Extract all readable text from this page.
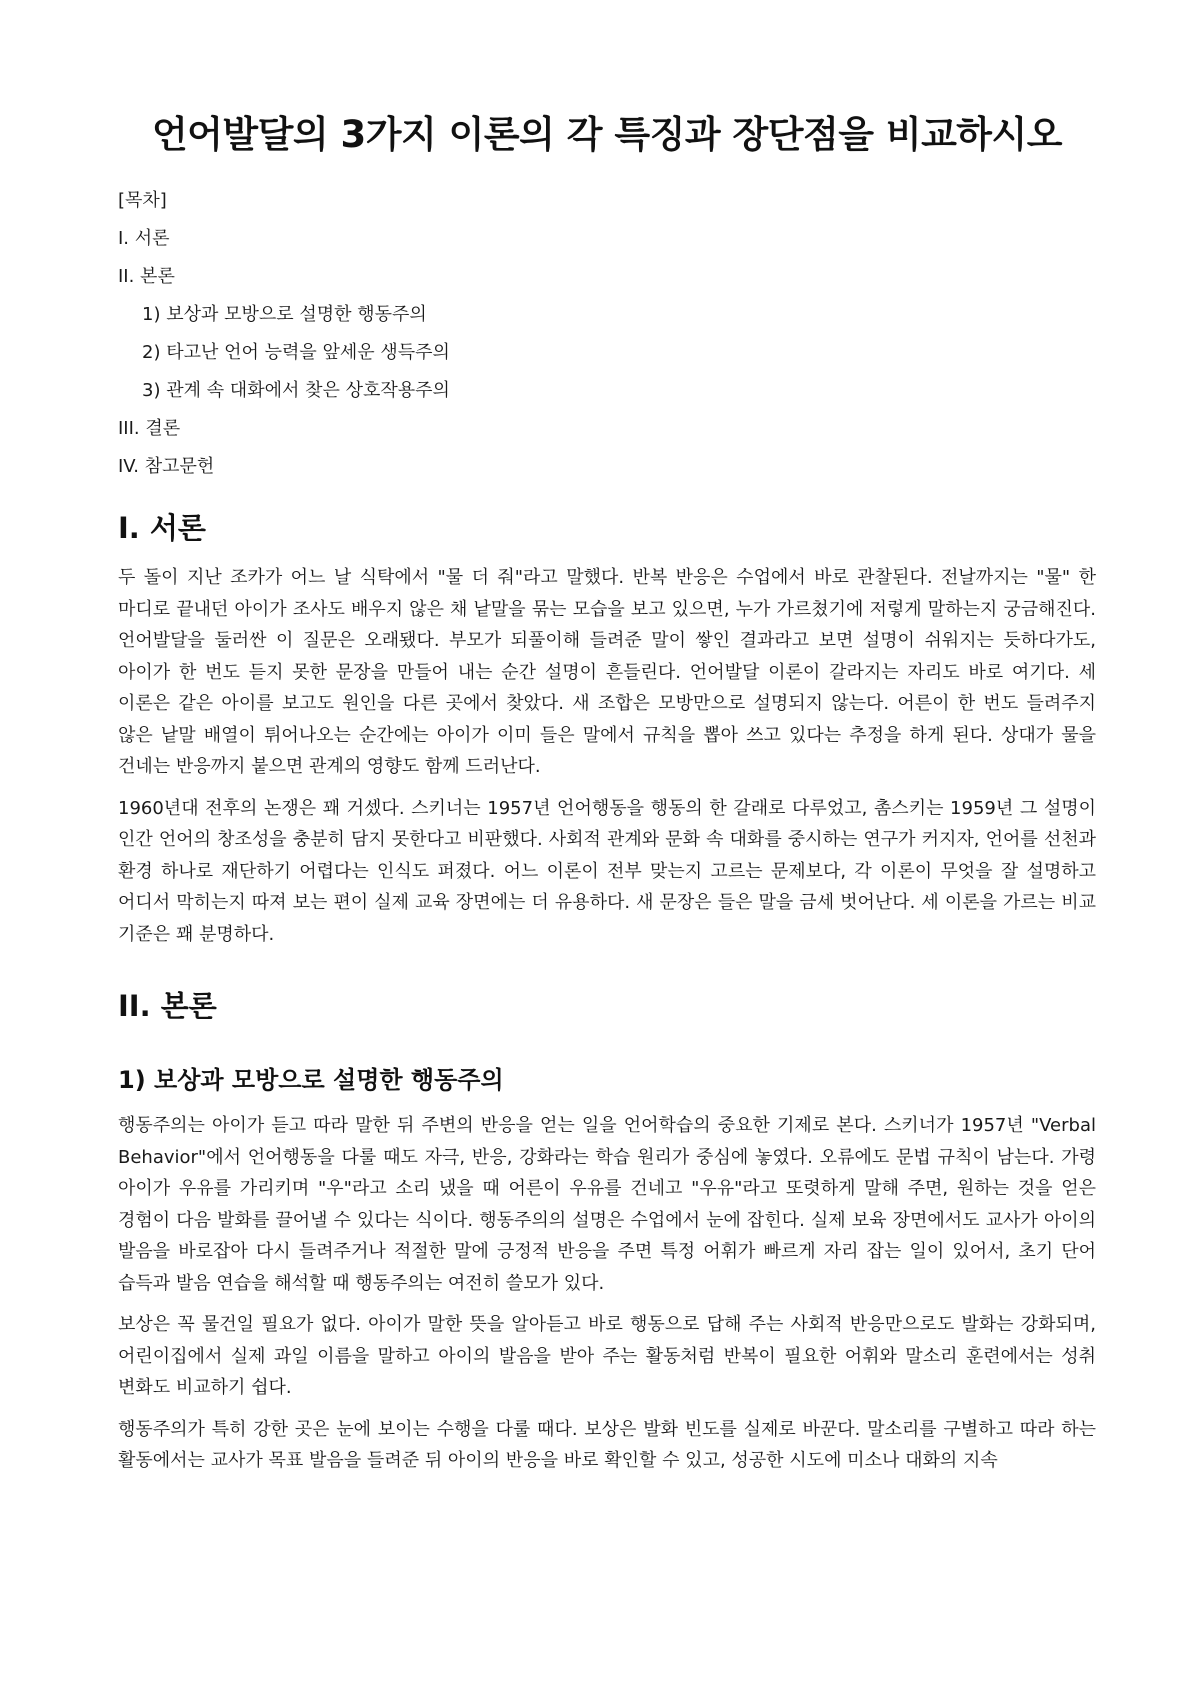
언어발달의 3가지 이론의 각 특징과 장단점을 비교하시오
[목차]
I. 서론
II. 본론
1) 보상과 모방으로 설명한 행동주의
2) 타고난 언어 능력을 앞세운 생득주의
3) 관계 속 대화에서 찾은 상호작용주의
III. 결론
IV. 참고문헌
I. 서론

두 돌이 지난 조카가 어느 날 식탁에서 "물 더 줘"라고 말했다. 반복 반응은 수업에서 바로 관찰된다. 전날까지는 "물" 한 마디로 끝내던 아이가 조사도 배우지 않은 채 낱말을 묶는 모습을 보고 있으면, 누가 가르쳤기에 저렇게 말하는지 궁금해진다. 언어발달을 둘러싼 이 질문은 오래됐다. 부모가 되풀이해 들려준 말이 쌓인 결과라고 보면 설명이 쉬워지는 듯하다가도, 아이가 한 번도 듣지 못한 문장을 만들어 내는 순간 설명이 흔들린다. 언어발달 이론이 갈라지는 자리도 바로 여기다. 세 이론은 같은 아이를 보고도 원인을 다른 곳에서 찾았다. 새 조합은 모방만으로 설명되지 않는다. 어른이 한 번도 들려주지 않은 낱말 배열이 튀어나오는 순간에는 아이가 이미 들은 말에서 규칙을 뽑아 쓰고 있다는 추정을 하게 된다. 상대가 물을 건네는 반응까지 붙으면 관계의 영향도 함께 드러난다.

1960년대 전후의 논쟁은 꽤 거셌다. 스키너는 1957년 언어행동을 행동의 한 갈래로 다루었고, 촘스키는 1959년 그 설명이 인간 언어의 창조성을 충분히 담지 못한다고 비판했다. 사회적 관계와 문화 속 대화를 중시하는 연구가 커지자, 언어를 선천과 환경 하나로 재단하기 어렵다는 인식도 퍼졌다. 어느 이론이 전부 맞는지 고르는 문제보다, 각 이론이 무엇을 잘 설명하고 어디서 막히는지 따져 보는 편이 실제 교육 장면에는 더 유용하다. 새 문장은 들은 말을 금세 벗어난다. 세 이론을 가르는 비교 기준은 꽤 분명하다.

II. 본론
1) 보상과 모방으로 설명한 행동주의

행동주의는 아이가 듣고 따라 말한 뒤 주변의 반응을 얻는 일을 언어학습의 중요한 기제로 본다. 스키너가 1957년 "Verbal Behavior"에서 언어행동을 다룰 때도 자극, 반응, 강화라는 학습 원리가 중심에 놓였다. 오류에도 문법 규칙이 남는다. 가령 아이가 우유를 가리키며 "우"라고 소리 냈을 때 어른이 우유를 건네고 "우유"라고 또렷하게 말해 주면, 원하는 것을 얻은 경험이 다음 발화를 끌어낼 수 있다는 식이다. 행동주의의 설명은 수업에서 눈에 잡힌다. 실제 보육 장면에서도 교사가 아이의 발음을 바로잡아 다시 들려주거나 적절한 말에 긍정적 반응을 주면 특정 어휘가 빠르게 자리 잡는 일이 있어서, 초기 단어 습득과 발음 연습을 해석할 때 행동주의는 여전히 쓸모가 있다.

보상은 꼭 물건일 필요가 없다. 아이가 말한 뜻을 알아듣고 바로 행동으로 답해 주는 사회적 반응만으로도 발화는 강화되며, 어린이집에서 실제 과일 이름을 말하고 아이의 발음을 받아 주는 활동처럼 반복이 필요한 어휘와 말소리 훈련에서는 성취 변화도 비교하기 쉽다.

행동주의가 특히 강한 곳은 눈에 보이는 수행을 다룰 때다. 보상은 발화 빈도를 실제로 바꾼다. 말소리를 구별하고 따라 하는 활동에서는 교사가 목표 발음을 들려준 뒤 아이의 반응을 바로 확인할 수 있고, 성공한 시도에 미소나 대화의 지속
